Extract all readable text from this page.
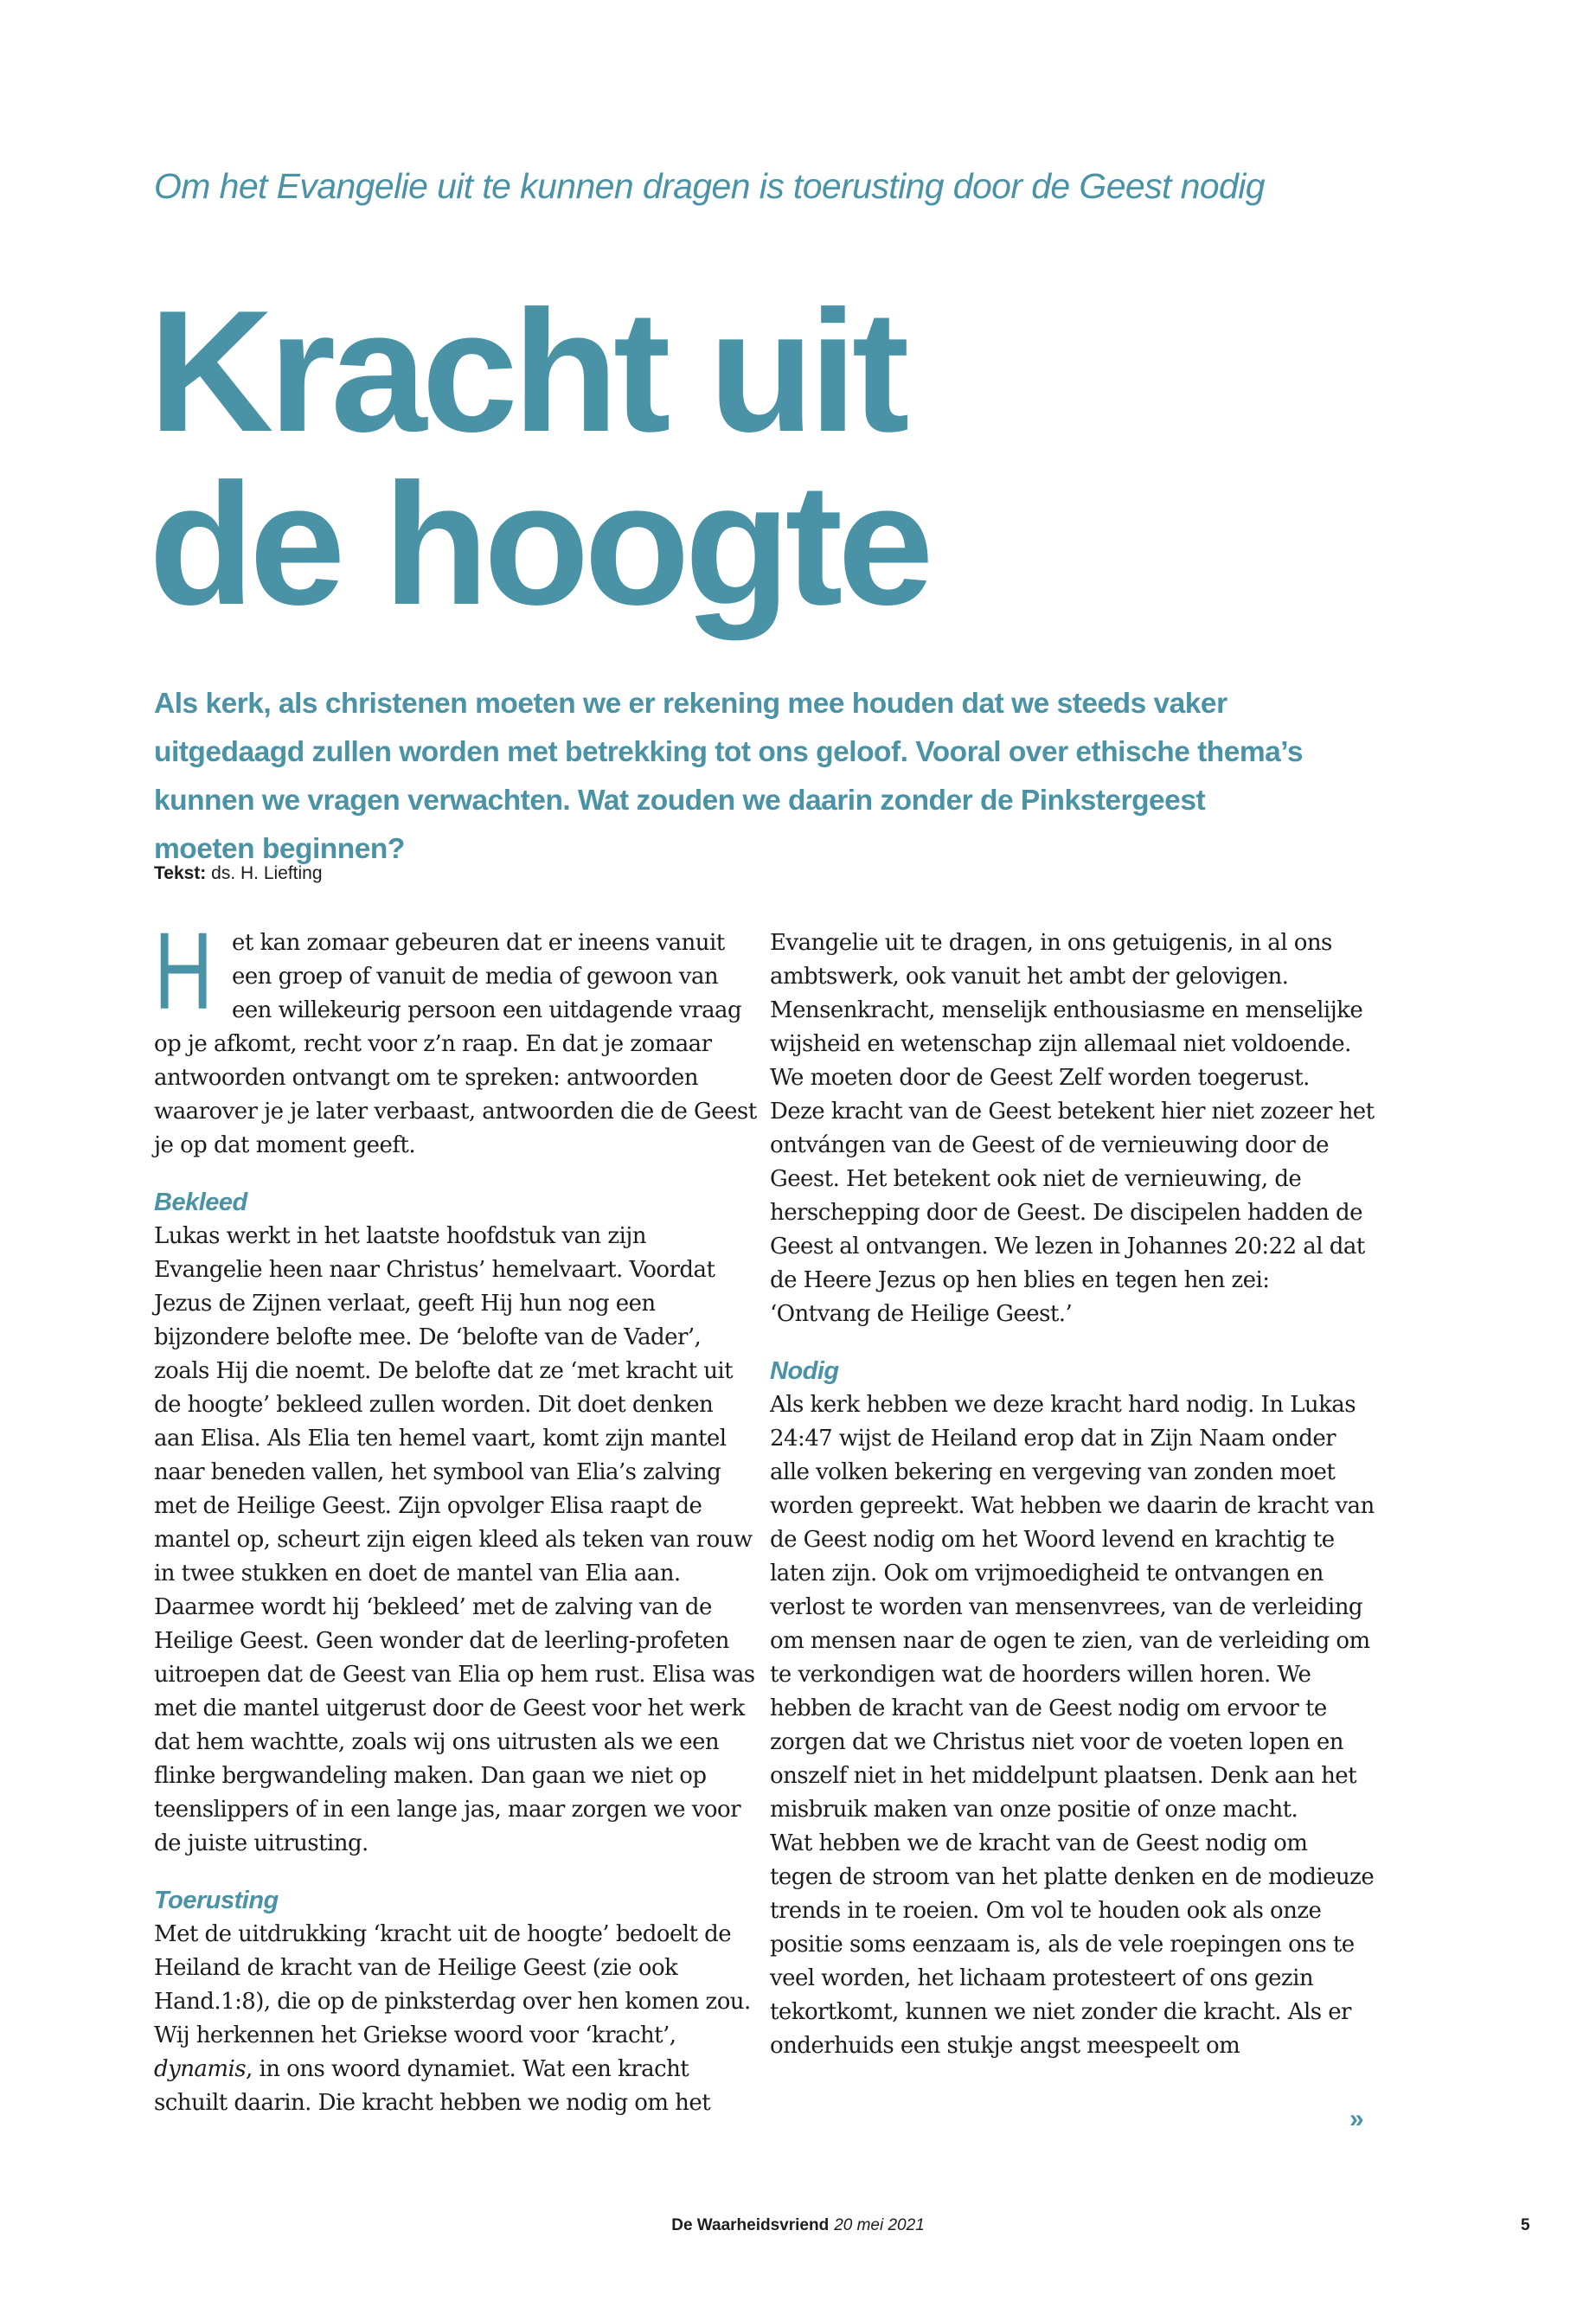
Om het Evangelie uit te kunnen dragen is toerusting door de Geest nodig
Kracht uit
de hoogte

Als kerk, als christenen moeten we er rekening mee houden dat we steeds vaker uitgedaagd zullen worden met betrekking tot ons geloof. Vooral over ethische thema’s kunnen we vragen verwachten. Wat zouden we daarin zonder de Pinkstergeest moeten beginnen?

Tekst: ds. H. Liefting

Het kan zomaar gebeuren dat er ineens vanuit een groep of vanuit de media of gewoon van een willekeurig persoon een uitdagende vraag op je afkomt, recht voor z’n raap. En dat je zomaar antwoorden ontvangt om te spreken: antwoorden waarover je je later verbaast, antwoorden die de Geest je op dat moment geeft.

Bekleed

Lukas werkt in het laatste hoofdstuk van zijn Evangelie heen naar Christus’ hemelvaart. Voordat Jezus de Zijnen verlaat, geeft Hij hun nog een bijzondere belofte mee. De ‘belofte van de Vader’, zoals Hij die noemt. De belofte dat ze ‘met kracht uit de hoogte’ bekleed zullen worden. Dit doet denken aan Elisa. Als Elia ten hemel vaart, komt zijn mantel naar beneden vallen, het symbool van Elia’s zalving met de Heilige Geest. Zijn opvolger Elisa raapt de mantel op, scheurt zijn eigen kleed als teken van rouw in twee stukken en doet de mantel van Elia aan. Daarmee wordt hij ‘bekleed’ met de zalving van de Heilige Geest. Geen wonder dat de leerling-profeten uitroepen dat de Geest van Elia op hem rust. Elisa was met die mantel uitgerust door de Geest voor het werk dat hem wachtte, zoals wij ons uitrusten als we een flinke bergwandeling maken. Dan gaan we niet op teenslippers of in een lange jas, maar zorgen we voor de juiste uitrusting.

Toerusting

Met de uitdrukking ‘kracht uit de hoogte’ bedoelt de Heiland de kracht van de Heilige Geest (zie ook Hand.1:8), die op de pinksterdag over hen komen zou. Wij herkennen het Griekse woord voor ‘kracht’, dynamis, in ons woord dynamiet. Wat een kracht schuilt daarin. Die kracht hebben we nodig om het

Evangelie uit te dragen, in ons getuigenis, in al ons ambtswerk, ook vanuit het ambt der gelovigen. Mensenkracht, menselijk enthousiasme en menselijke wijsheid en wetenschap zijn allemaal niet voldoende. We moeten door de Geest Zelf worden toegerust.

Deze kracht van de Geest betekent hier niet zozeer het ontvángen van de Geest of de vernieuwing door de Geest. Het betekent ook niet de vernieuwing, de herschepping door de Geest. De discipelen hadden de Geest al ontvangen. We lezen in Johannes 20:22 al dat de Heere Jezus op hen blies en tegen hen zei: ‘Ontvang de Heilige Geest.’

Nodig

Als kerk hebben we deze kracht hard nodig. In Lukas 24:47 wijst de Heiland erop dat in Zijn Naam onder alle volken bekering en vergeving van zonden moet worden gepreekt. Wat hebben we daarin de kracht van de Geest nodig om het Woord levend en krachtig te laten zijn. Ook om vrijmoedigheid te ontvangen en verlost te worden van mensenvrees, van de verleiding om mensen naar de ogen te zien, van de verleiding om te verkondigen wat de hoorders willen horen. We hebben de kracht van de Geest nodig om ervoor te zorgen dat we Christus niet voor de voeten lopen en onszelf niet in het middelpunt plaatsen. Denk aan het misbruik maken van onze positie of onze macht.

Wat hebben we de kracht van de Geest nodig om tegen de stroom van het platte denken en de modieuze trends in te roeien. Om vol te houden ook als onze positie soms eenzaam is, als de vele roepingen ons te veel worden, het lichaam protesteert of ons gezin tekortkomt, kunnen we niet zonder die kracht. Als er onderhuids een stukje angst meespeelt om

»
De Waarheidsvriend 20 mei 2021	5
